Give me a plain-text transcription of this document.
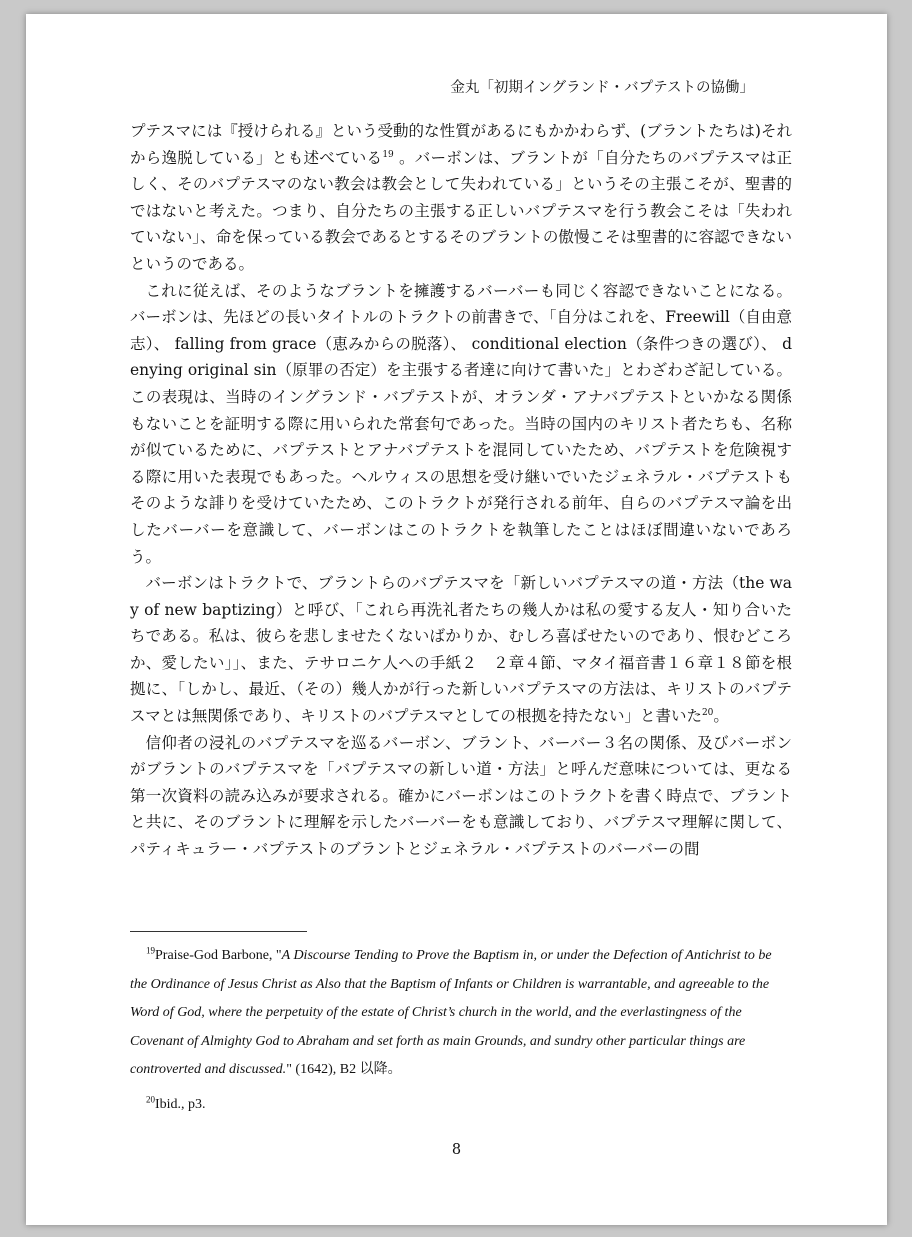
金丸「初期イングランド・バプテストの協働」

プテスマには『授けられる』という受動的な性質があるにもかかわらず、(ブラントたちは)それから逸脱している」とも述べている$^{19}$ 。バーボンは、ブラントが「自分たちのバプテスマは正しく、そのバプテスマのない教会は教会として失われている」というその主張こそが、聖書的ではないと考えた。つまり、自分たちの主張する正しいバプテスマを行う教会こそは「失われていない」、命を保っている教会であるとするそのブラントの傲慢こそは聖書的に容認できないというのである。

これに従えば、そのようなブラントを擁護するバーバーも同じく容認できないことになる。バーボンは、先ほどの長いタイトルのトラクトの前書きで、「自分はこれを、Freewill（自由意志）、 falling from grace（恵みからの脱落）、 conditional election（条件つきの選び）、 denying original sin（原罪の否定）を主張する者達に向けて書いた」とわざわざ記している。この表現は、当時のイングランド・バプテストが、オランダ・アナバプテストといかなる関係もないことを証明する際に用いられた常套句であった。当時の国内のキリスト者たちも、名称が似ているために、バプテストとアナバプテストを混同していたため、バプテストを危険視する際に用いた表現でもあった。ヘルウィスの思想を受け継いでいたジェネラル・バプテストもそのような誹りを受けていたため、このトラクトが発行される前年、自らのバプテスマ論を出したバーバーを意識して、バーボンはこのトラクトを執筆したことはほぼ間違いないであろう。

バーボンはトラクトで、ブラントらのバプテスマを「新しいバプテスマの道・方法（the way of new baptizing）と呼び、「これら再洗礼者たちの幾人かは私の愛する友人・知り合いたちである。私は、彼らを悲しませたくないばかりか、むしろ喜ばせたいのであり、恨むどころか、愛したい」」、また、テサロニケ人への手紙２　２章４節、マタイ福音書１６章１８節を根拠に、「しかし、最近、（その）幾人かが行った新しいバプテスマの方法は、キリストのバプテスマとは無関係であり、キリストのバプテスマとしての根拠を持たない」と書いた$^{20}$。

信仰者の浸礼のバプテスマを巡るバーボン、ブラント、バーバー３名の関係、及びバーボンがブラントのバプテスマを「バプテスマの新しい道・方法」と呼んだ意味については、更なる第一次資料の読み込みが要求される。確かにバーボンはこのトラクトを書く時点で、ブラントと共に、そのブラントに理解を示したバーバーをも意識しており、バプテスマ理解に関して、パティキュラー・バプテストのブラントとジェネラル・バプテストのバーバーの間

$^{19}$Praise-God Barbone, "A Discourse Tending to Prove the Baptism in, or under the Defection of Antichrist to be the Ordinance of Jesus Christ as Also that the Baptism of Infants or Children is warrantable, and agreeable to the Word of God, where the perpetuity of the estate of Christ’s church in the world, and the everlastingness of the Covenant of Almighty God to Abraham and set forth as main Grounds, and sundry other particular things are controverted and discussed." (1642), B2 以降。

$^{20}$Ibid., p3.

8
